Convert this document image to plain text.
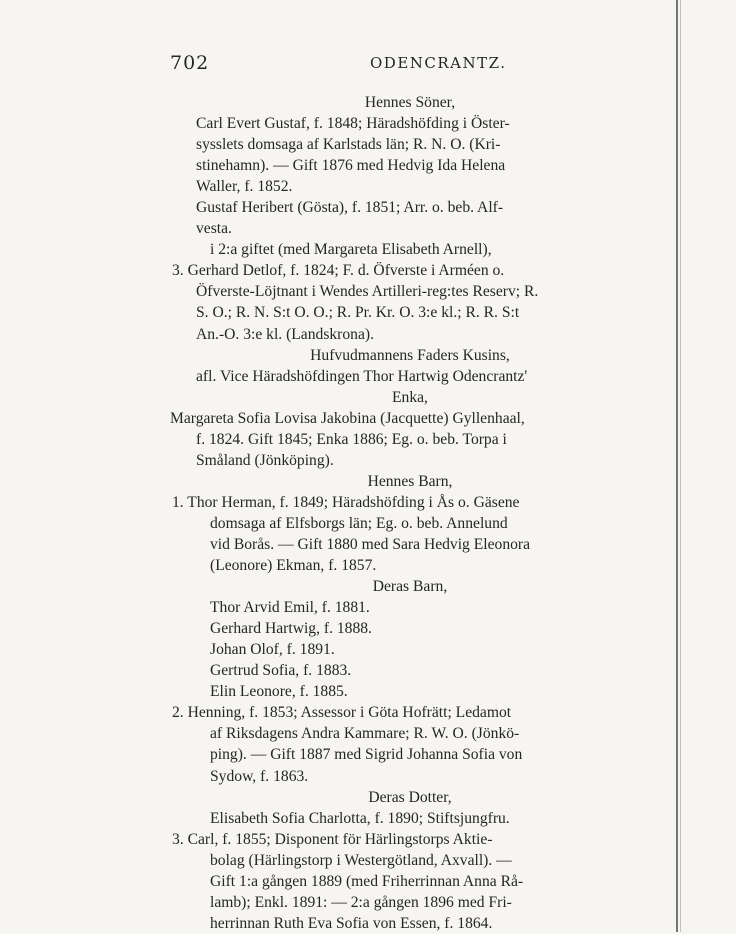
702	ODENCRANTZ.
Hennes Söner,
Carl Evert Gustaf, f. 1848; Häradshöfding i Öster-
sysslets domsaga af Karlstads län; R. N. O. (Kri-
stinehamn). — Gift 1876 med Hedvig Ida Helena
Waller, f. 1852.
Gustaf Heribert (Gösta), f. 1851; Arr. o. beb. Alf-
vesta.
i 2:a giftet (med Margareta Elisabeth Arnell),
3. Gerhard Detlof, f. 1824; F. d. Öfverste i Arméen o.
Öfverste-Löjtnant i Wendes Artilleri-reg:tes Reserv; R.
S. O.; R. N. S:t O. O.; R. Pr. Kr. O. 3:e kl.; R. R. S:t
An.-O. 3:e kl. (Landskrona).
Hufvudmannens Faders Kusins,
afl. Vice Häradshöfdingen Thor Hartwig Odencrantz'
Enka,
Margareta Sofia Lovisa Jakobina (Jacquette) Gyllenhaal,
f. 1824. Gift 1845; Enka 1886; Eg. o. beb. Torpa i
Småland (Jönköping).
Hennes Barn,
1. Thor Herman, f. 1849; Häradshöfding i Ås o. Gäsene
domsaga af Elfsborgs län; Eg. o. beb. Annelund
vid Borås. — Gift 1880 med Sara Hedvig Eleonora
(Leonore) Ekman, f. 1857.
Deras Barn,
Thor Arvid Emil, f. 1881.
Gerhard Hartwig, f. 1888.
Johan Olof, f. 1891.
Gertrud Sofia, f. 1883.
Elin Leonore, f. 1885.
2. Henning, f. 1853; Assessor i Göta Hofrätt; Ledamot
af Riksdagens Andra Kammare; R. W. O. (Jönkö-
ping). — Gift 1887 med Sigrid Johanna Sofia von
Sydow, f. 1863.
Deras Dotter,
Elisabeth Sofia Charlotta, f. 1890; Stiftsjungfru.
3. Carl, f. 1855; Disponent för Härlingstorps Aktie-
bolag (Härlingstorp i Westergötland, Axvall). —
Gift 1:a gången 1889 (med Friherrinnan Anna Rå-
lamb); Enkl. 1891: — 2:a gången 1896 med Fri-
herrinnan Ruth Eva Sofia von Essen, f. 1864.
